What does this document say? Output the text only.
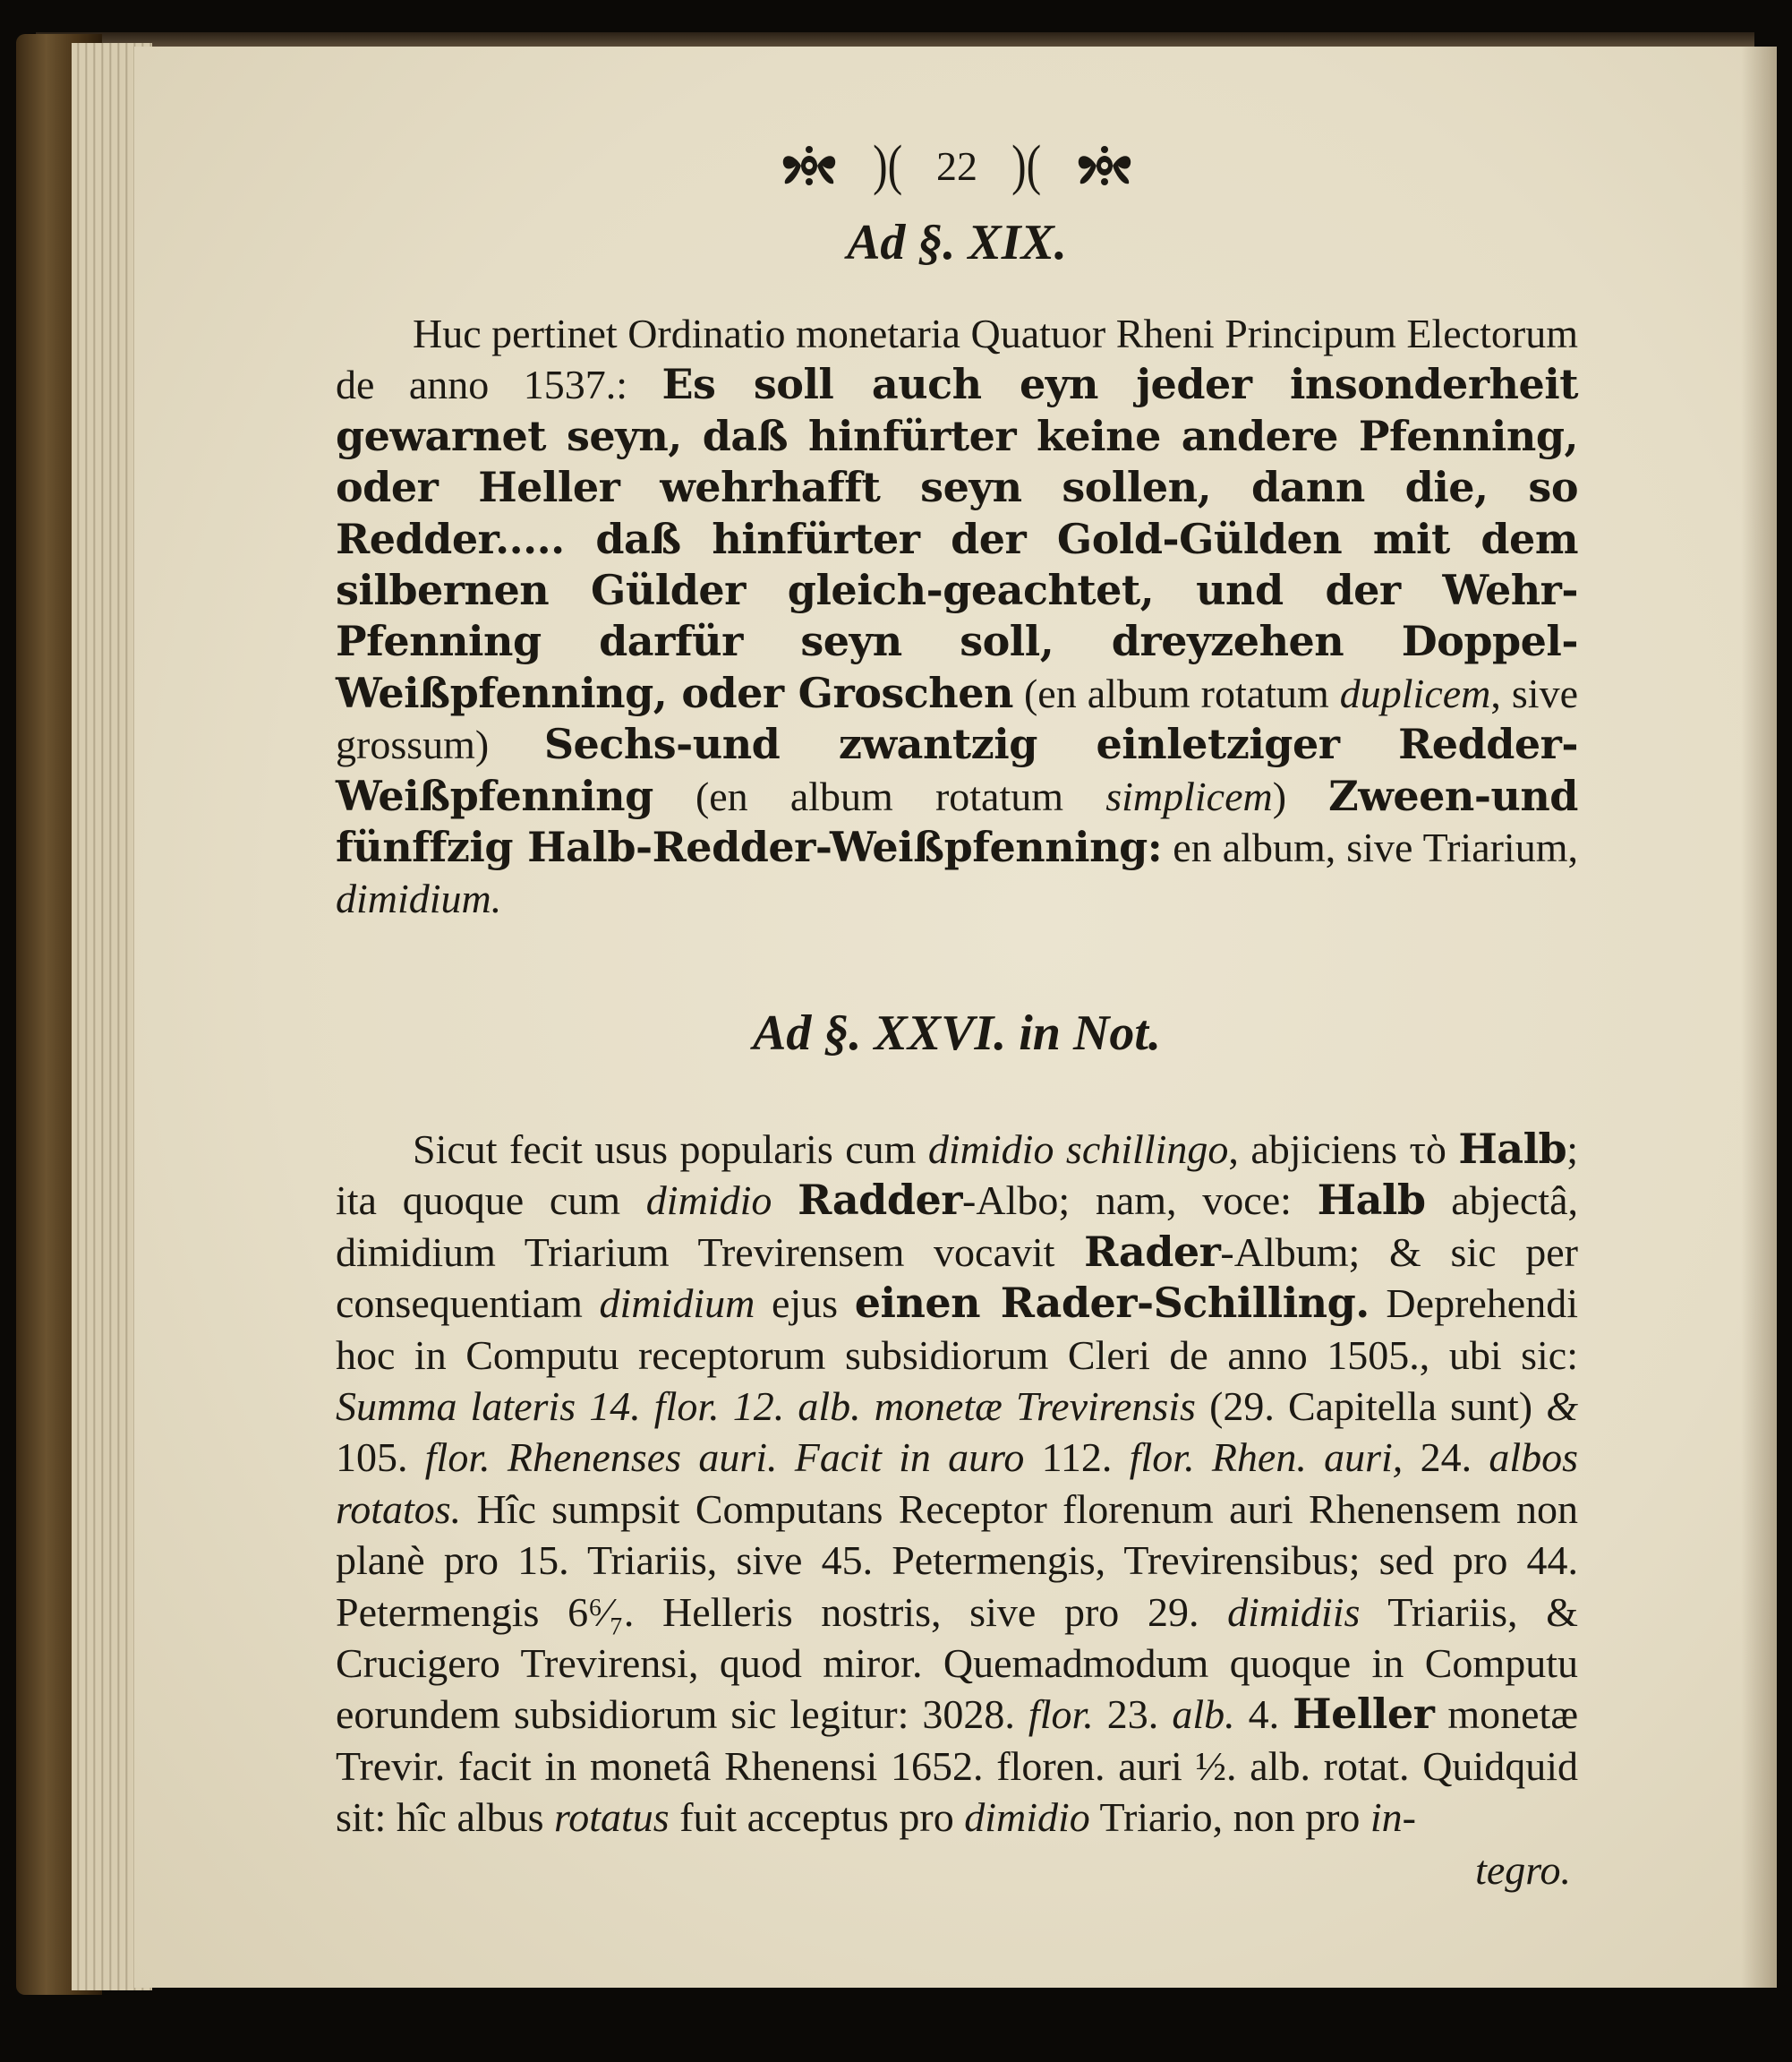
)( 22 )(
Ad §. XIX.

Huc pertinet Ordinatio monetaria Quatuor Rheni Principum Electorum de anno 1537.: Es soll auch eyn jeder insonderheit gewarnet seyn, daß hinfürter keine andere Pfenning, oder Heller wehrhafft seyn sollen, dann die, so Redder..... daß hinfürter der Gold-Gülden mit dem silbernen Gülder gleich-geachtet, und der Wehr-Pfenning darfür seyn soll, dreyzehen Doppel-Weißpfenning, oder Groschen (en album rotatum duplicem, sive grossum) Sechs-und zwantzig einletziger Redder-Weißpfenning (en album rotatum simplicem) Zween-und fünffzig Halb-Redder-Weißpfenning: en album, sive Triarium, dimidium.

Ad §. XXVI. in Not.

Sicut fecit usus popularis cum dimidio schillingo, abjiciens τὸ Halb; ita quoque cum dimidio Radder-Albo; nam, voce: Halb abjectâ, dimidium Triarium Trevirensem vocavit Rader-Album; & sic per consequentiam dimidium ejus einen Rader-Schilling. Deprehendi hoc in Computu receptorum subsidiorum Cleri de anno 1505., ubi sic: Summa lateris 14. flor. 12. alb. monetæ Trevirensis (29. Capitella sunt) & 105. flor. Rhenenses auri. Facit in auro 112. flor. Rhen. auri, 24. albos rotatos. Hîc sumpsit Computans Receptor florenum auri Rhenensem non planè pro 15. Triariis, sive 45. Petermengis, Trevirensibus; sed pro 44. Petermengis 6⁶⁄₇. Helleris nostris, sive pro 29. dimidiis Triariis, & Crucigero Trevirensi, quod miror. Quemadmodum quoque in Computu eorundem subsidiorum sic legitur: 3028. flor. 23. alb. 4. Heller monetæ Trevir. facit in monetâ Rhenensi 1652. floren. auri ½. alb. rotat. Quidquid sit: hîc albus rotatus fuit acceptus pro dimidio Triario, non pro in-

tegro.
